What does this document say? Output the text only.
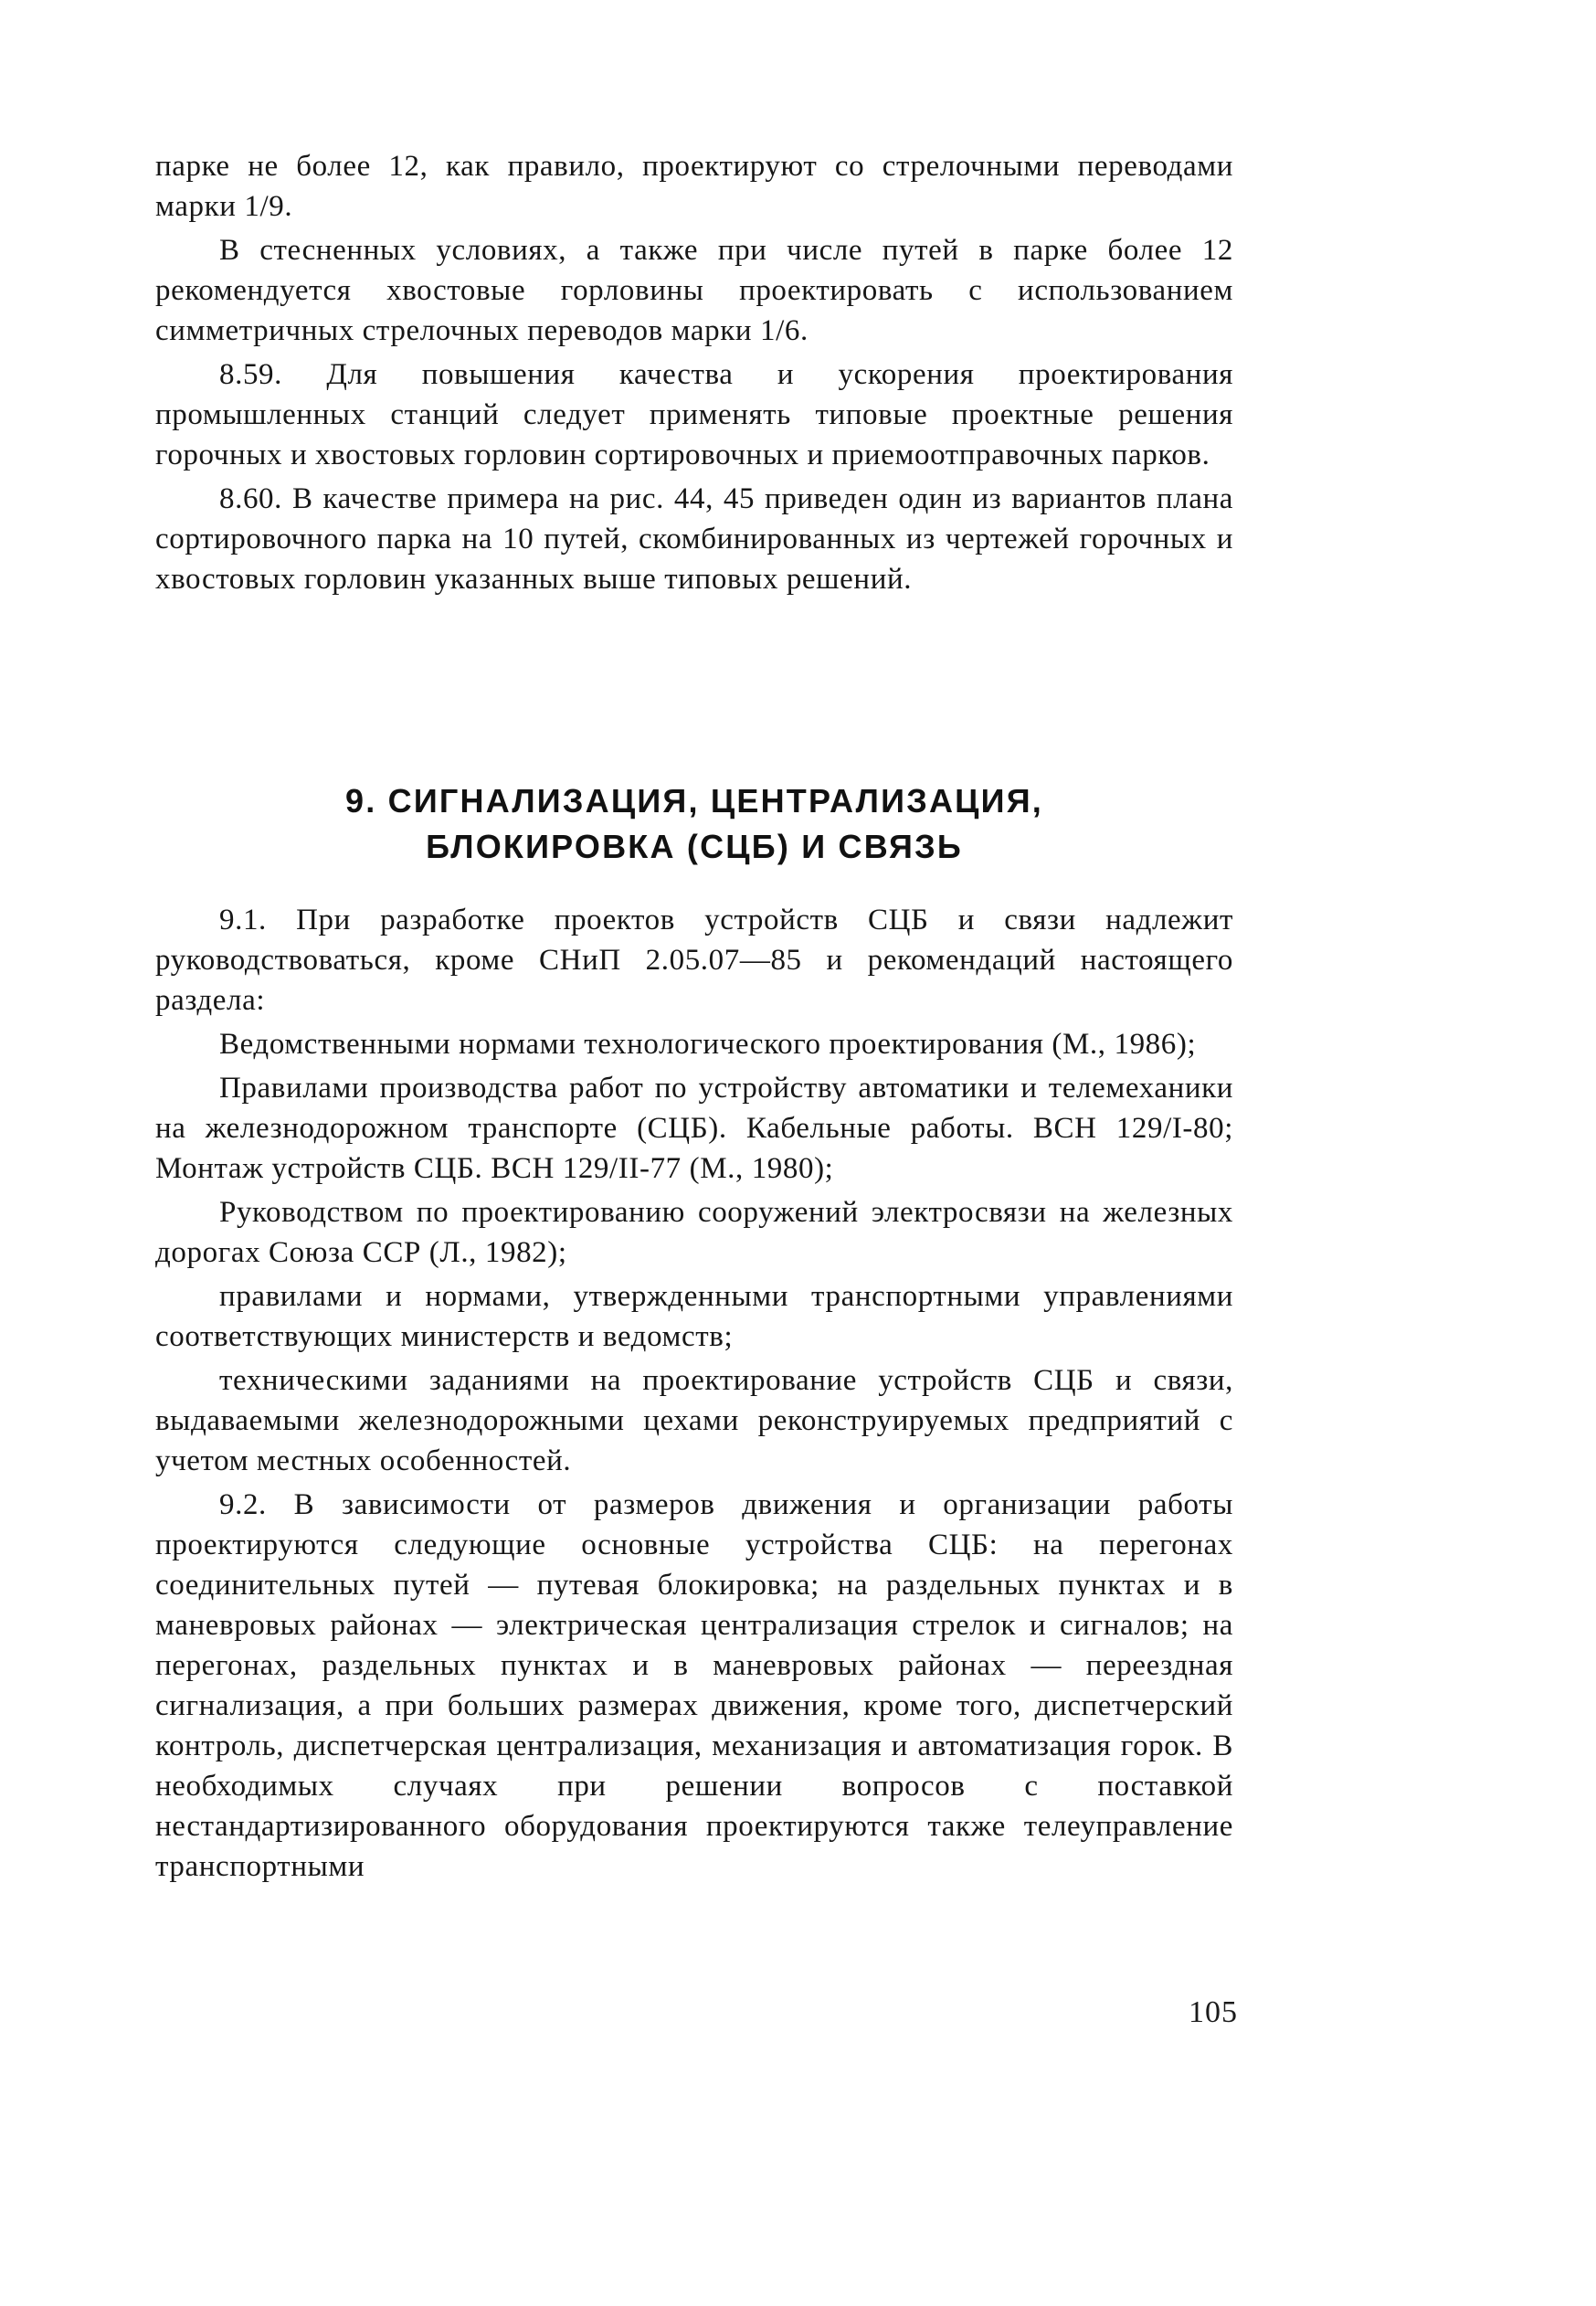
парке не более 12, как правило, проектируют со стрелочными переводами марки 1/9.

В стесненных условиях, а также при числе путей в парке более 12 рекомендуется хвостовые горловины проектировать с использованием симметричных стрелочных переводов марки 1/6.

8.59. Для повышения качества и ускорения проектирования промышленных станций следует применять типовые проектные решения горочных и хвостовых горловин сортировочных и приемоотправочных парков.

8.60. В качестве примера на рис. 44, 45 приведен один из вариантов плана сортировочного парка на 10 путей, скомбинированных из чертежей горочных и хвостовых горловин указанных выше типовых решений.

9. СИГНАЛИЗАЦИЯ, ЦЕНТРАЛИЗАЦИЯ,
БЛОКИРОВКА (СЦБ) И СВЯЗЬ

9.1. При разработке проектов устройств СЦБ и связи надлежит руководствоваться, кроме СНиП 2.05.07—85 и рекомендаций настоящего раздела:

Ведомственными нормами технологического проектирования (М., 1986);

Правилами производства работ по устройству автоматики и телемеханики на железнодорожном транспорте (СЦБ). Кабельные работы. ВСН 129/I-80; Монтаж устройств СЦБ. ВСН 129/II-77 (М., 1980);

Руководством по проектированию сооружений электросвязи на железных дорогах Союза ССР (Л., 1982);

правилами и нормами, утвержденными транспортными управлениями соответствующих министерств и ведомств;

техническими заданиями на проектирование устройств СЦБ и связи, выдаваемыми железнодорожными цехами реконструируемых предприятий с учетом местных особенностей.

9.2. В зависимости от размеров движения и организации работы проектируются следующие основные устройства СЦБ: на перегонах соединительных путей — путевая блокировка; на раздельных пунктах и в маневровых районах — электрическая централизация стрелок и сигналов; на перегонах, раздельных пунктах и в маневровых районах — переездная сигнализация, а при больших размерах движения, кроме того, диспетчерский контроль, диспетчерская централизация, механизация и автоматизация горок. В необходимых случаях при решении вопросов с поставкой нестандартизированного оборудования проектируются также телеуправление транспортными

105
